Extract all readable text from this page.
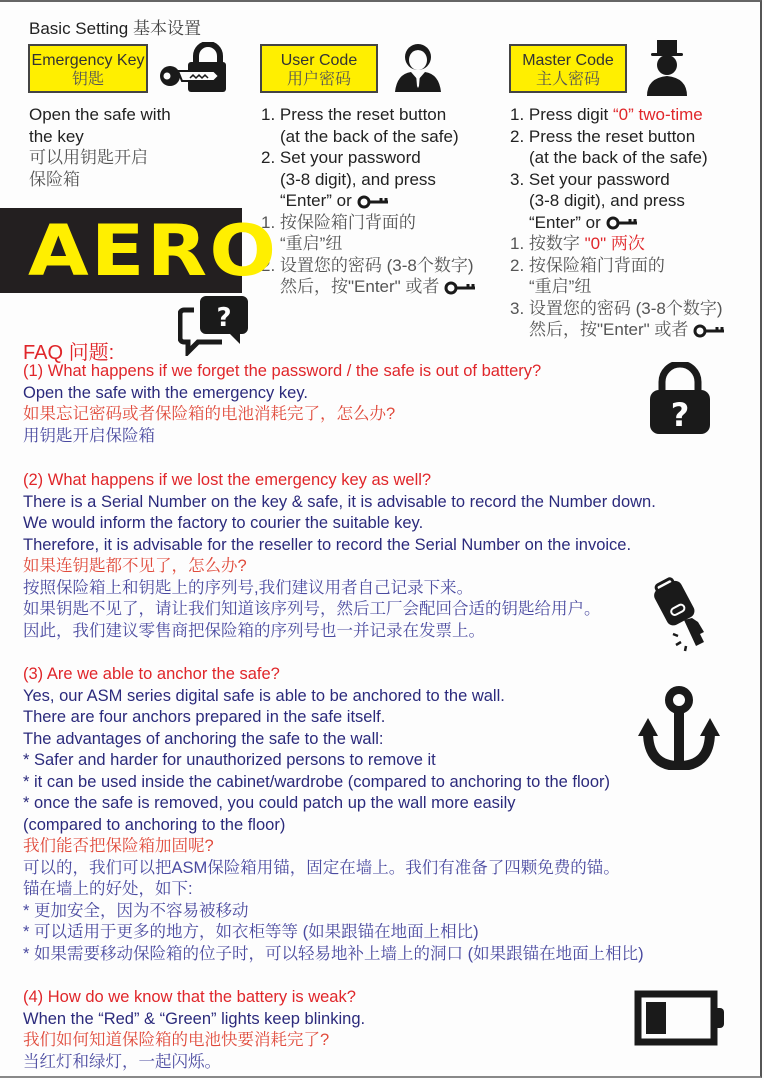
Basic Setting 基本设置
Emergency Key
钥匙
Open the safe with
the key
可以用钥匙开启
保险箱
User Code
用户密码
1. Press the reset button
(at the back of the safe)
2. Set your password
(3-8 digit), and press
“Enter” or
1. 按保险箱门背面的
“重启”纽
2. 设置您的密码 (3-8个数字)
然后，按"Enter" 或者
Master Code
主人密码
1. Press digit “0” two-time
2. Press the reset button
(at the back of the safe)
3. Set your password
(3-8 digit), and press
“Enter” or
1. 按数字 "0" 两次
2. 按保险箱门背面的
“重启”纽
3. 设置您的密码 (3-8个数字)
然后，按"Enter" 或者
AERO
?
FAQ 问题:
(1) What happens if we forget the password / the safe is out of battery?
Open the safe with the emergency key.
如果忘记密码或者保险箱的电池消耗完了，怎么办?
用钥匙开启保险箱
?
(2) What happens if we lost the emergency key as well?
There is a Serial Number on the key & safe, it is advisable to record the Number down.
We would inform the factory to courier the suitable key.
Therefore, it is advisable for the reseller to record the Serial Number on the invoice.
如果连钥匙都不见了，怎么办?
按照保险箱上和钥匙上的序列号,我们建议用者自己记录下来。
如果钥匙不见了，请让我们知道该序列号，然后工厂会配回合适的钥匙给用户。
因此，我们建议零售商把保险箱的序列号也一并记录在发票上。
(3) Are we able to anchor the safe?
Yes, our ASM series digital safe is able to be anchored to the wall.
There are four anchors prepared in the safe itself.
The advantages of anchoring the safe to the wall:
* Safer and harder for unauthorized persons to remove it
* it can be used inside the cabinet/wardrobe (compared to anchoring to the floor)
* once the safe is removed, you could patch up the wall more easily
(compared to anchoring to the floor)
我们能否把保险箱加固呢?
可以的，我们可以把ASM保险箱用锚，固定在墙上。我们有准备了四颗免费的锚。
锚在墙上的好处，如下:
* 更加安全，因为不容易被移动
* 可以适用于更多的地方，如衣柜等等 (如果跟锚在地面上相比)
* 如果需要移动保险箱的位子时，可以轻易地补上墙上的洞口 (如果跟锚在地面上相比)
(4) How do we know that the battery is weak?
When the “Red” & “Green” lights keep blinking.
我们如何知道保险箱的电池快要消耗完了?
当红灯和绿灯，一起闪烁。
